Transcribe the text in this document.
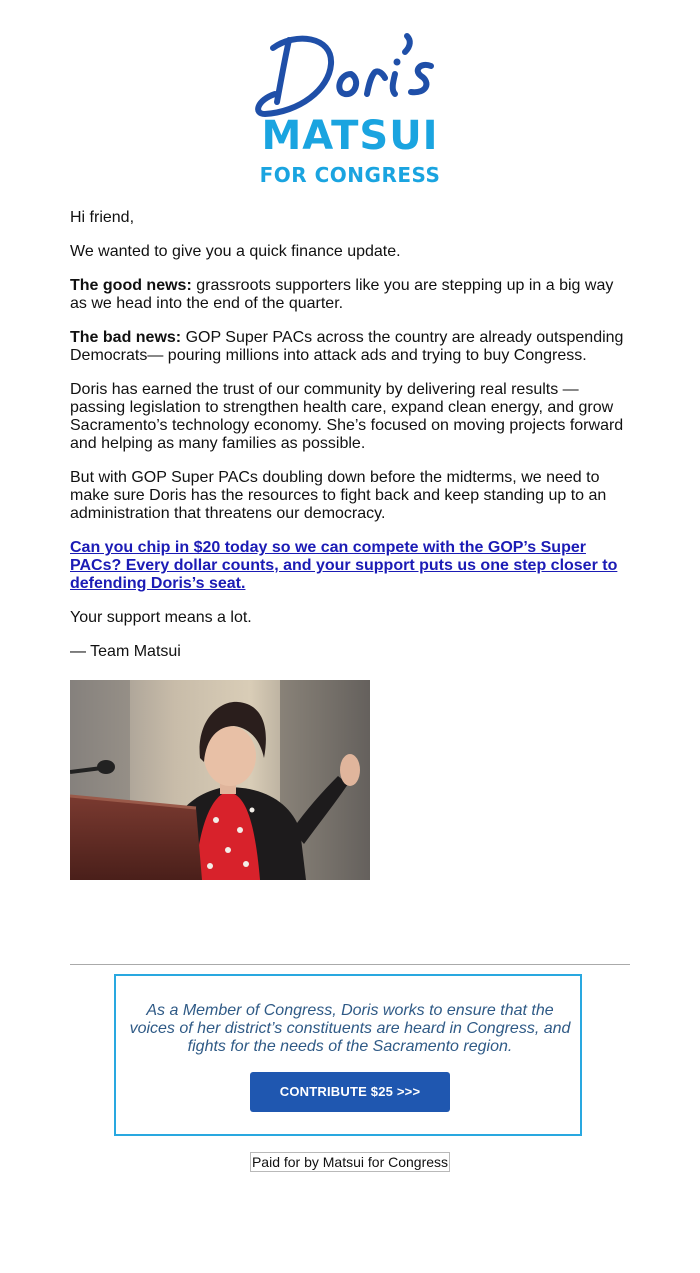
MATSUI
FOR CONGRESS

Hi friend,

We wanted to give you a quick finance update.

The good news: grassroots supporters like you are stepping up in a big way as we head into the end of the quarter.

The bad news: GOP Super PACs across the country are already outspending Democrats— pouring millions into attack ads and trying to buy Congress.

Doris has earned the trust of our community by delivering real results — passing legislation to strengthen health care, expand clean energy, and grow Sacramento’s technology economy. She’s focused on moving projects forward and helping as many families as possible.

But with GOP Super PACs doubling down before the midterms, we need to make sure Doris has the resources to fight back and keep standing up to an administration that threatens our democracy.

Can you chip in $20 today so we can compete with the GOP’s Super PACs? Every dollar counts, and your support puts us one step closer to defending Doris’s seat.

Your support means a lot.

— Team Matsui

As a Member of Congress, Doris works to ensure that the voices of her district’s constituents are heard in Congress, and fights for the needs of the Sacramento region.
CONTRIBUTE $25 >>>
Paid for by Matsui for Congress
